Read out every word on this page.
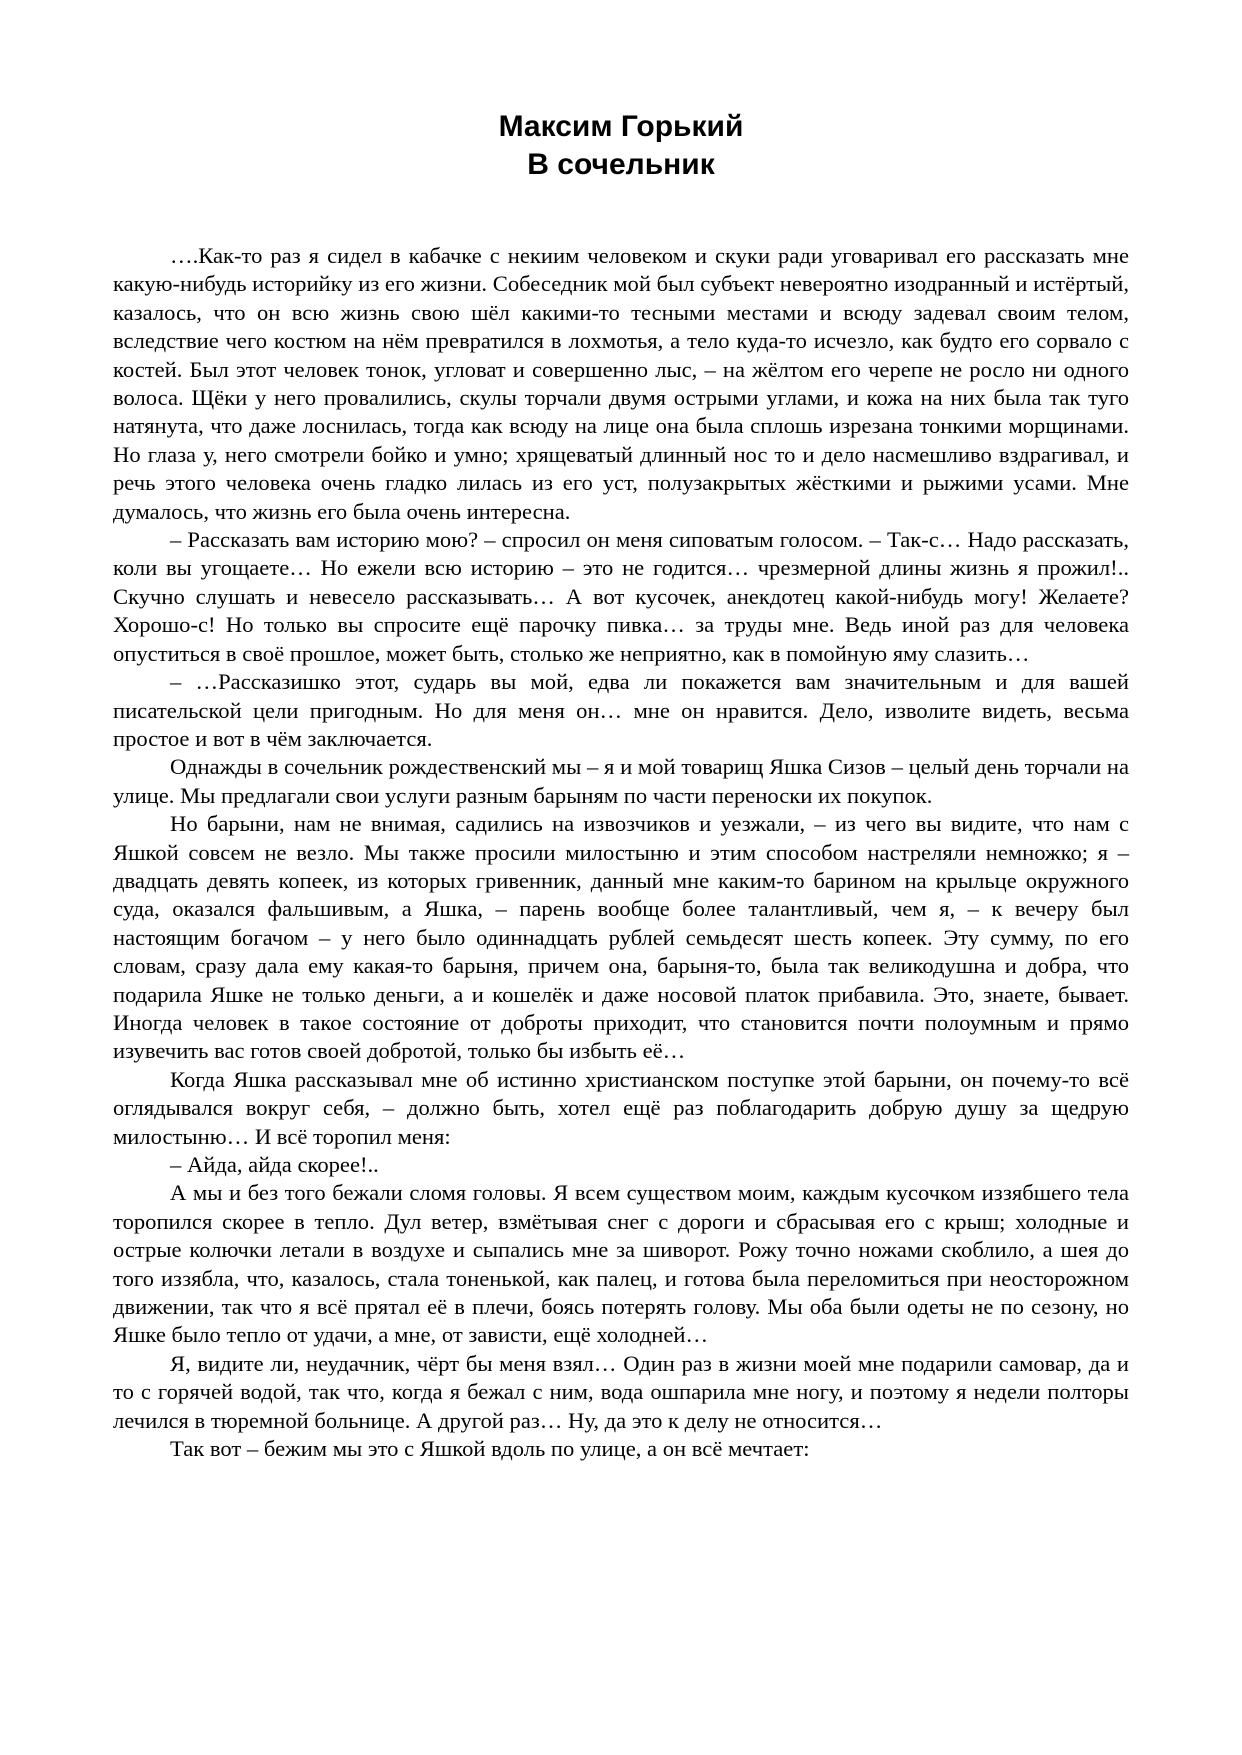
Максим Горький
В сочельник

….Как-то раз я сидел в кабачке с некиим человеком и скуки ради уговаривал его рассказать мне какую-нибудь историйку из его жизни. Собеседник мой был субъект невероятно изодранный и истёртый, казалось, что он всю жизнь свою шёл какими-то тесными местами и всюду задевал своим телом, вследствие чего костюм на нём превратился в лохмотья, а тело куда-то исчезло, как будто его сорвало с костей. Был этот человек тонок, угловат и совершенно лыс, – на жёлтом его черепе не росло ни одного волоса. Щёки у него провалились, скулы торчали двумя острыми углами, и кожа на них была так туго натянута, что даже лоснилась, тогда как всюду на лице она была сплошь изрезана тонкими морщинами. Но глаза у, него смотрели бойко и умно; хрящеватый длинный нос то и дело насмешливо вздрагивал, и речь этого человека очень гладко лилась из его уст, полузакрытых жёсткими и рыжими усами. Мне думалось, что жизнь его была очень интересна.

– Рассказать вам историю мою? – спросил он меня сиповатым голосом. – Так-с… Надо рассказать, коли вы угощаете… Но ежели всю историю – это не годится… чрезмерной длины жизнь я прожил!.. Скучно слушать и невесело рассказывать… А вот кусочек, анекдотец какой-нибудь могу! Желаете? Хорошо-с! Но только вы спросите ещё парочку пивка… за труды мне. Ведь иной раз для человека опуститься в своё прошлое, может быть, столько же неприятно, как в помойную яму слазить…

– …Рассказишко этот, сударь вы мой, едва ли покажется вам значительным и для вашей писательской цели пригодным. Но для меня он… мне он нравится. Дело, изволите видеть, весьма простое и вот в чём заключается.

Однажды в сочельник рождественский мы – я и мой товарищ Яшка Сизов – целый день торчали на улице. Мы предлагали свои услуги разным барыням по части переноски их покупок.

Но барыни, нам не внимая, садились на извозчиков и уезжали, – из чего вы видите, что нам с Яшкой совсем не везло. Мы также просили милостыню и этим способом настреляли немножко; я – двадцать девять копеек, из которых гривенник, данный мне каким-то барином на крыльце окружного суда, оказался фальшивым, а Яшка, – парень вообще более талантливый, чем я, – к вечеру был настоящим богачом – у него было одиннадцать рублей семьдесят шесть копеек. Эту сумму, по его словам, сразу дала ему какая-то барыня, причем она, барыня-то, была так великодушна и добра, что подарила Яшке не только деньги, а и кошелёк и даже носовой платок прибавила. Это, знаете, бывает. Иногда человек в такое состояние от доброты приходит, что становится почти полоумным и прямо изувечить вас готов своей добротой, только бы избыть её…

Когда Яшка рассказывал мне об истинно христианском поступке этой барыни, он почему-то всё оглядывался вокруг себя, – должно быть, хотел ещё раз поблагодарить добрую душу за щедрую милостыню… И всё торопил меня:

– Айда, айда скорее!..

А мы и без того бежали сломя головы. Я всем существом моим, каждым кусочком иззябшего тела торопился скорее в тепло. Дул ветер, взмётывая снег с дороги и сбрасывая его с крыш; холодные и острые колючки летали в воздухе и сыпались мне за шиворот. Рожу точно ножами скоблило, а шея до того иззябла, что, казалось, стала тоненькой, как палец, и готова была переломиться при неосторожном движении, так что я всё прятал её в плечи, боясь потерять голову. Мы оба были одеты не по сезону, но Яшке было тепло от удачи, а мне, от зависти, ещё холодней…

Я, видите ли, неудачник, чёрт бы меня взял… Один раз в жизни моей мне подарили самовар, да и то с горячей водой, так что, когда я бежал с ним, вода ошпарила мне ногу, и поэтому я недели полторы лечился в тюремной больнице. А другой раз… Ну, да это к делу не относится…

Так вот – бежим мы это с Яшкой вдоль по улице, а он всё мечтает:
